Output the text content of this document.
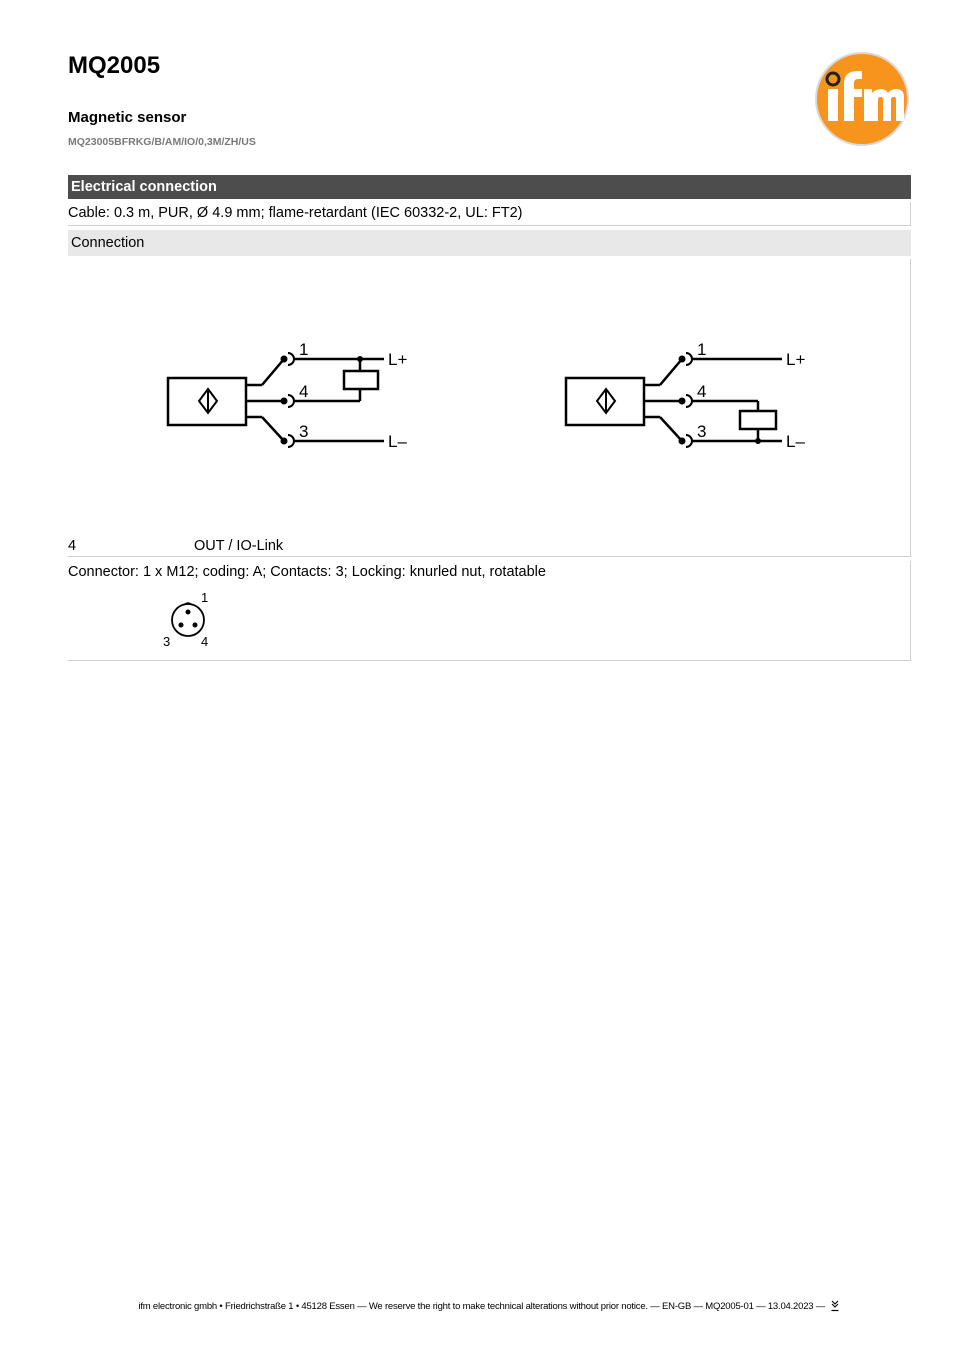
MQ2005
Magnetic sensor
MQ23005BFRKG/B/AM/IO/0,3M/ZH/US
Electrical connection
Cable: 0.3 m, PUR, Ø 4.9 mm; flame-retardant (IEC 60332-2, UL: FT2)
Connection
1
4
3
L+
L–
1
4
3
L+
L–
4	OUT / IO-Link
Connector: 1 x M12; coding: A; Contacts: 3; Locking: knurled nut, rotatable
1
3 4
ifm electronic gmbh • Friedrichstraße 1 • 45128 Essen — We reserve the right to make technical alterations without prior notice. — EN-GB — MQ2005-01 — 13.04.2023 —
